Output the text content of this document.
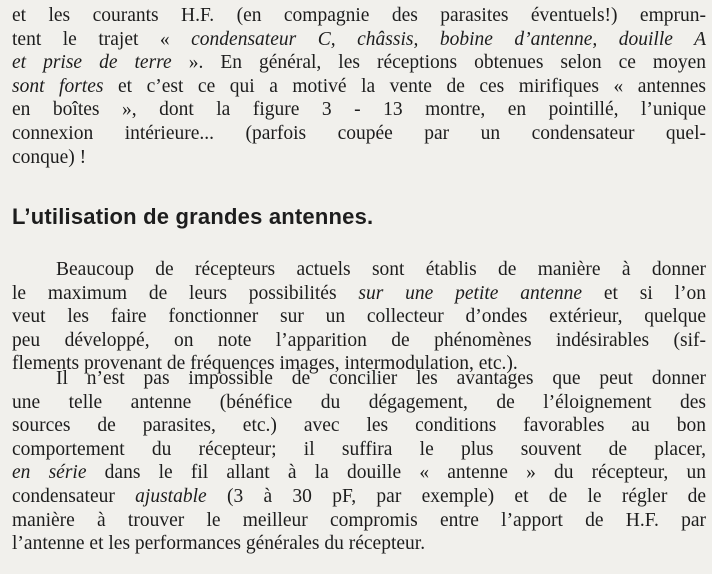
et les courants H.F. (en compagnie des parasites éventuels!) emprun-
tent le trajet « condensateur C, châssis, bobine d’antenne, douille A
et prise de terre ». En général, les réceptions obtenues selon ce moyen
sont fortes et c’est ce qui a motivé la vente de ces mirifiques « antennes
en boîtes », dont la figure 3 - 13 montre, en pointillé, l’unique
connexion intérieure... (parfois coupée par un condensateur quel-
conque) !

L’utilisation de grandes antennes.

Beaucoup de récepteurs actuels sont établis de manière à donner
le maximum de leurs possibilités sur une petite antenne et si l’on
veut les faire fonctionner sur un collecteur d’ondes extérieur, quelque
peu développé, on note l’apparition de phénomènes indésirables (sif-
flements provenant de fréquences images, intermodulation, etc.).

Il n’est pas impossible de concilier les avantages que peut donner
une telle antenne (bénéfice du dégagement, de l’éloignement des
sources de parasites, etc.) avec les conditions favorables au bon
comportement du récepteur; il suffira le plus souvent de placer,
en série dans le fil allant à la douille « antenne » du récepteur, un
condensateur ajustable (3 à 30 pF, par exemple) et de le régler de
manière à trouver le meilleur compromis entre l’apport de H.F. par
l’antenne et les performances générales du récepteur.
